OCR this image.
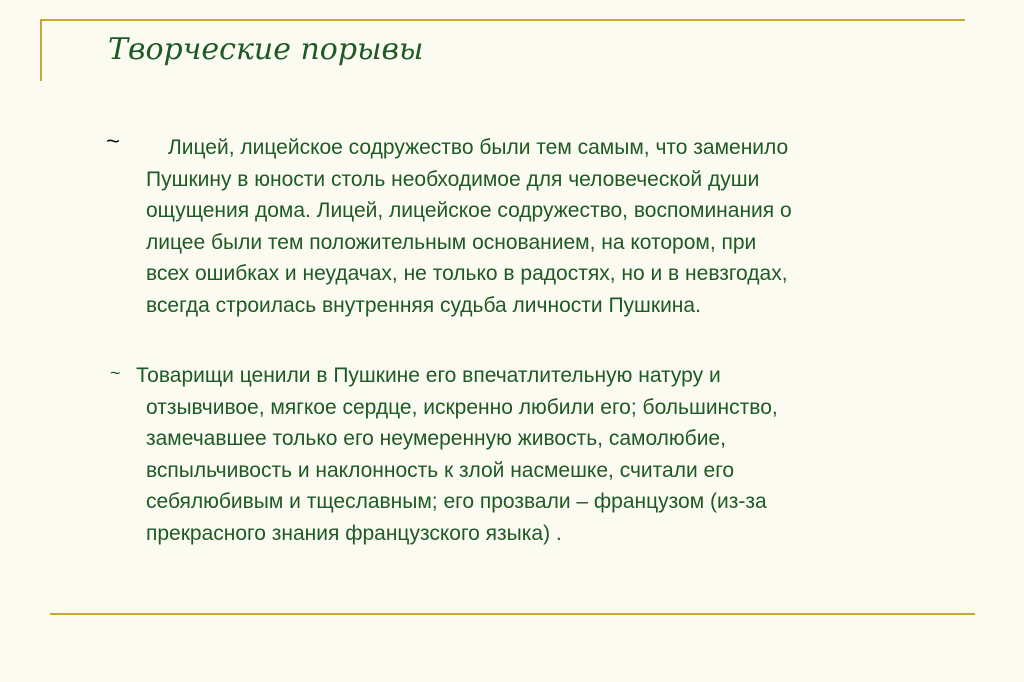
Творческие порывы
~ Лицей, лицейское содружество были тем самым, что заменило
Пушкину в юности столь необходимое для человеческой души
ощущения дома. Лицей, лицейское содружество, воспоминания о
лицее были тем положительным основанием, на котором, при
всех ошибках и неудачах, не только в радостях, но и в невзгодах,
всегда строилась внутренняя судьба личности Пушкина.
~ Товарищи ценили в Пушкине его впечатлительную натуру и
отзывчивое, мягкое сердце, искренно любили его; большинство,
замечавшее только его неумеренную живость, самолюбие,
вспыльчивость и наклонность к злой насмешке, считали его
себялюбивым и тщеславным; его прозвали – французом (из-за
прекрасного знания французского языка) .
